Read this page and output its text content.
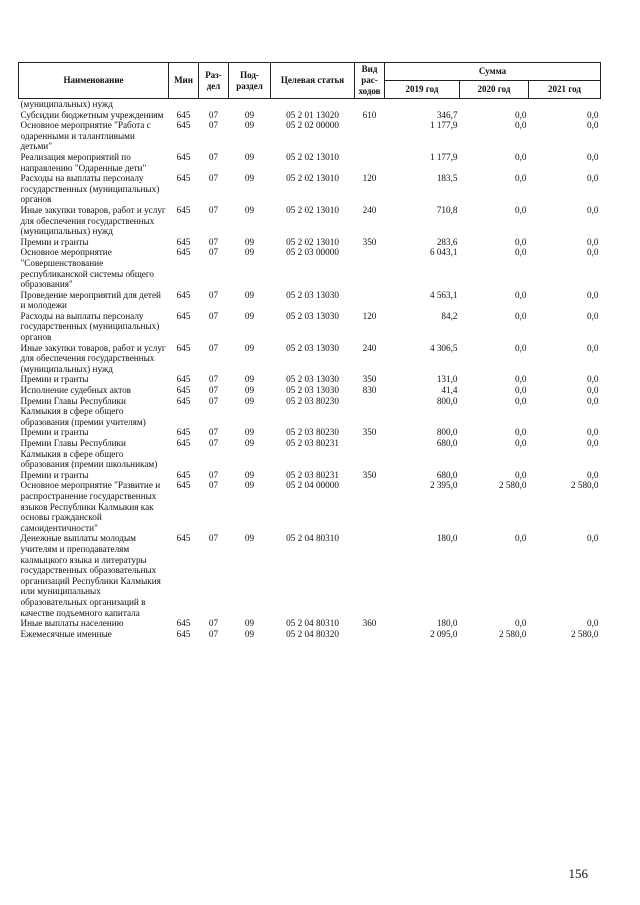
Наименование	Мин	Раз-дел	Под-раздел	Целевая статья	Вид рас-ходов	Сумма		
						2019 год	2020 год	2021 год
(муниципальных) нужд								
Субсидии бюджетным учреждениям	645	07	09	05 2 01 13020	610	346,7	0,0	0,0
Основное мероприятие "Работа с одаренными и талантливыми детьми"	645	07	09	05 2 02 00000		1 177,9	0,0	0,0
Реализация мероприятий по направлению "Одаренные дети"	645	07	09	05 2 02 13010		1 177,9	0,0	0,0
Расходы на выплаты персоналу государственных (муниципальных) органов	645	07	09	05 2 02 13010	120	183,5	0,0	0,0
Иные закупки товаров, работ и услуг для обеспечения государственных (муниципальных) нужд	645	07	09	05 2 02 13010	240	710,8	0,0	0,0
Премии и гранты	645	07	09	05 2 02 13010	350	283,6	0,0	0,0
Основное мероприятие "Совершенствование республиканской системы общего образования"	645	07	09	05 2 03 00000		6 043,1	0,0	0,0
Проведение мероприятий для детей и молодежи	645	07	09	05 2 03 13030		4 563,1	0,0	0,0
Расходы на выплаты персоналу государственных (муниципальных) органов	645	07	09	05 2 03 13030	120	84,2	0,0	0,0
Иные закупки товаров, работ и услуг для обеспечения государственных (муниципальных) нужд	645	07	09	05 2 03 13030	240	4 306,5	0,0	0,0
Премии и гранты	645	07	09	05 2 03 13030	350	131,0	0,0	0,0
Исполнение судебных актов	645	07	09	05 2 03 13030	830	41,4	0,0	0,0
Премии Главы Республики Калмыкия в сфере общего образования (премии учителям)	645	07	09	05 2 03 80230		800,0	0,0	0,0
Премии и гранты	645	07	09	05 2 03 80230	350	800,0	0,0	0,0
Премии Главы Республики Калмыкия в сфере общего образования (премии школьникам)	645	07	09	05 2 03 80231		680,0	0,0	0,0
Премии и гранты	645	07	09	05 2 03 80231	350	680,0	0,0	0,0
Основное мероприятие "Развитие и распространение государственных языков Республики Калмыкия как основы гражданской самоидентичности"	645	07	09	05 2 04 00000		2 395,0	2 580,0	2 580,0
Денежные выплаты молодым учителям и преподавателям калмыцкого языка и литературы государственных образовательных организаций Республики Калмыкия или муниципальных образовательных организаций в качестве подъемного капитала	645	07	09	05 2 04 80310		180,0	0,0	0,0
Иные выплаты населению	645	07	09	05 2 04 80310	360	180,0	0,0	0,0
Ежемесячные именные	645	07	09	05 2 04 80320		2 095,0	2 580,0	2 580,0
156
